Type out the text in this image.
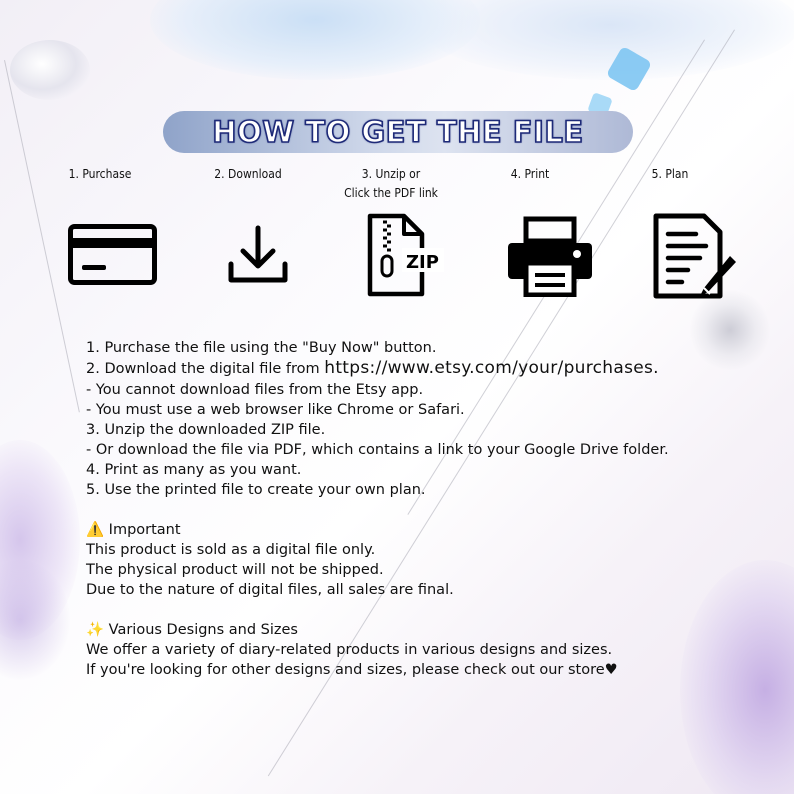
HOW TO GET THE FILE
1. Purchase	2. Download	3. Unzip or
Click the PDF link
4. Print	5. Plan
ZIP
1. Purchase the file using the "Buy Now" button.
2. Download the digital file from https://www.etsy.com/your/purchases.
- You cannot download files from the Etsy app.
- You must use a web browser like Chrome or Safari.
3. Unzip the downloaded ZIP file.
- Or download the file via PDF, which contains a link to your Google Drive folder.
4. Print as many as you want.
5. Use the printed file to create your own plan.
⚠️ Important
This product is sold as a digital file only.
The physical product will not be shipped.
Due to the nature of digital files, all sales are final.
✨ Various Designs and Sizes
We offer a variety of diary-related products in various designs and sizes.
If you're looking for other designs and sizes, please check out our store♥
